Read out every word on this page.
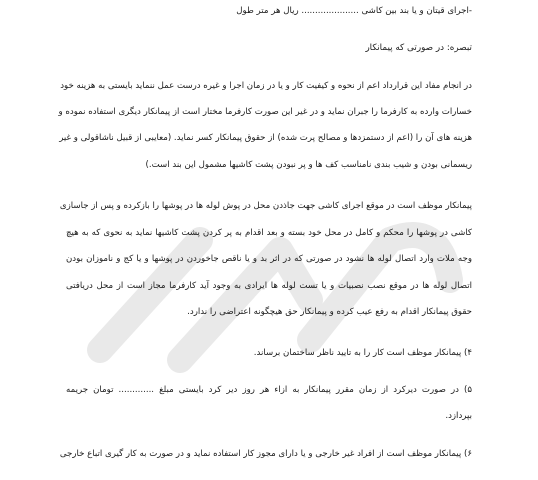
-اجرای قیتان و یا بند بین کاشی ..................... ریال هر متر طول
تبصره: در صورتی که پیمانکار
در انجام مفاد این قرارداد اعم از نحوه و کیفیت کار و یا در زمان اجرا و غیره درست عمل ننماید بایستی به هزینه خود
خسارات وارده به کارفرما را جبران نماید و در غیر این صورت کارفرما مختار است از پیمانکار دیگری استفاده نموده و
هزینه های آن را (اعم از دستمزدها و مصالح پرت شده) از حقوق پیمانکار کسر نماید. (معایبی از قبیل ناشاقولی و غیر
ریسمانی بودن و شیب بندی نامناسب کف ها و پر نبودن پشت کاشیها مشمول این بند است.)
پیمانکار موظف است در موقع اجرای کاشی جهت جاذدن محل در پوش لوله ها در پوشها را بازکرده و پس از جاسازی
کاشی در پوشها را محکم و کامل در محل خود بسته و بعد اقدام به پر کردن پشت کاشیها نماید به نحوی که به هیچ
وجه ملات وارد اتصال لوله ها نشود در صورتی که در اثر بد و یا ناقص جاخوردن در پوشها و یا کج و ناموزان بودن
اتصال لوله ها در موقع نصب نصبیات و یا تست لوله ها ایرادی به وجود آید کارفرما مجاز است از محل دریافتی
حقوق پیمانکار اقدام به رفع عیب کرده و پیمانکار حق هیچگونه اعتراضی را ندارد.
۴) پیمانکار موظف است کار را به تایید ناظر ساختمان برساند.
۵) در صورت دیرکرد از زمان مقرر پیمانکار به ازاء هر روز دیر کرد بایستی مبلغ ............. تومان جریمه
بپردازد.
۶) پیمانکار موظف است از افراد غیر خارجی و یا دارای مجوز کار استفاده نماید و در صورت به کار گیری اتباع خارجی
